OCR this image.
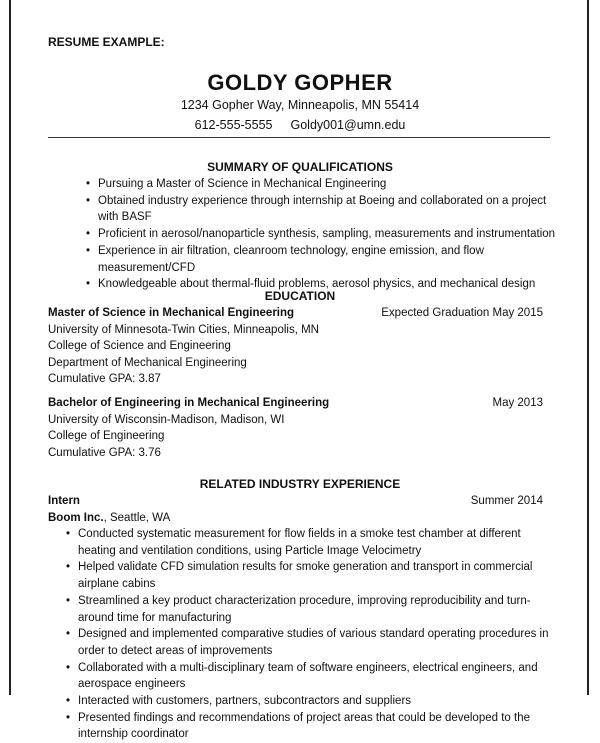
RESUME EXAMPLE:
GOLDY GOPHER
1234 Gopher Way, Minneapolis, MN 55414
612-555-5555 Goldy001@umn.edu
SUMMARY OF QUALIFICATIONS
• Pursuing a Master of Science in Mechanical Engineering
• Obtained industry experience through internship at Boeing and collaborated on a project with BASF
• Proficient in aerosol/nanoparticle synthesis, sampling, measurements and instrumentation
• Experience in air filtration, cleanroom technology, engine emission, and flow measurement/CFD
• Knowledgeable about thermal-fluid problems, aerosol physics, and mechanical design
EDUCATION
Master of Science in Mechanical Engineering	Expected Graduation May 2015
University of Minnesota-Twin Cities, Minneapolis, MN
College of Science and Engineering
Department of Mechanical Engineering
Cumulative GPA: 3.87
Bachelor of Engineering in Mechanical Engineering	May 2013
University of Wisconsin-Madison, Madison, WI
College of Engineering
Cumulative GPA: 3.76
RELATED INDUSTRY EXPERIENCE
Intern	Summer 2014
Boom Inc., Seattle, WA
• Conducted systematic measurement for flow fields in a smoke test chamber at different heating and ventilation conditions, using Particle Image Velocimetry
• Helped validate CFD simulation results for smoke generation and transport in commercial airplane cabins
• Streamlined a key product characterization procedure, improving reproducibility and turn-around time for manufacturing
• Designed and implemented comparative studies of various standard operating procedures in order to detect areas of improvements
• Collaborated with a multi-disciplinary team of software engineers, electrical engineers, and aerospace engineers
• Interacted with customers, partners, subcontractors and suppliers
• Presented findings and recommendations of project areas that could be developed to the internship coordinator
